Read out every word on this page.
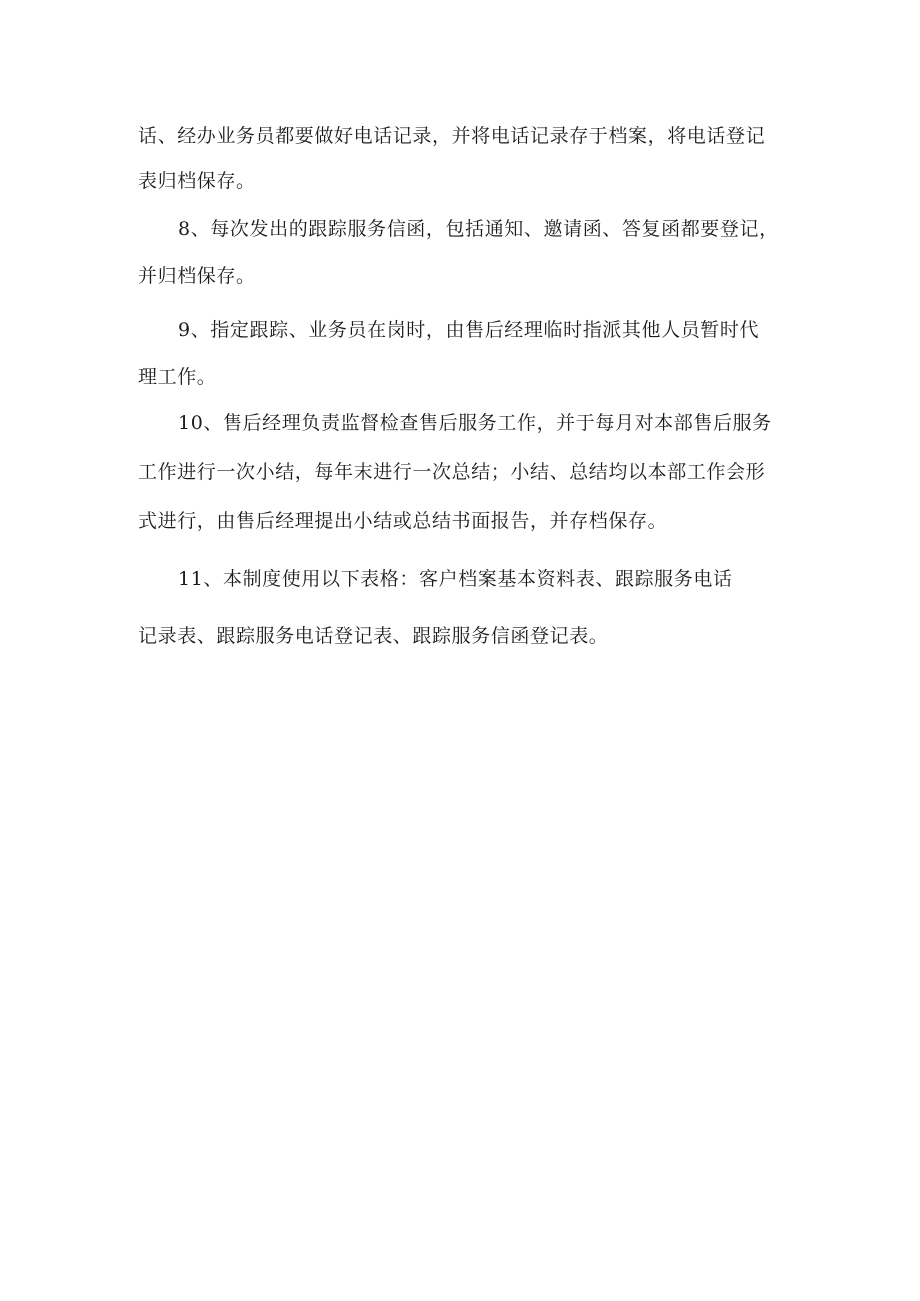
话、经办业务员都要做好电话记录，并将电话记录存于档案，将电话登记
表归档保存。
8、每次发出的跟踪服务信函，包括通知、邀请函、答复函都要登记，
并归档保存。
9、指定跟踪、业务员在岗时，由售后经理临时指派其他人员暂时代
理工作。
10、售后经理负责监督检查售后服务工作，并于每月对本部售后服务
工作进行一次小结，每年末进行一次总结；小结、总结均以本部工作会形
式进行，由售后经理提出小结或总结书面报告，并存档保存。
11、本制度使用以下表格：客户档案基本资料表、跟踪服务电话
记录表、跟踪服务电话登记表、跟踪服务信函登记表。
